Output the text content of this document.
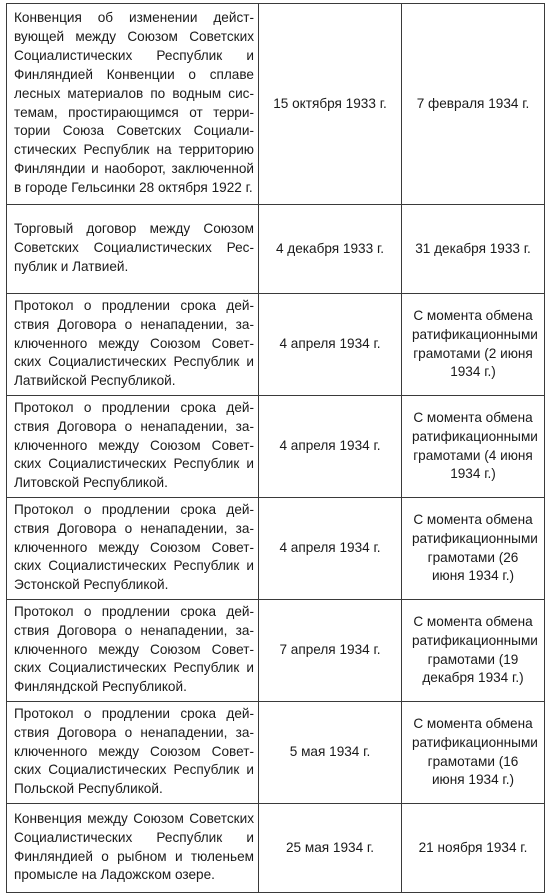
Конвенция об изменении действующей между Союзом Советских Социалистических Республик и Финляндией Конвенции о сплаве лесных материалов по водным системам, простирающимся от территории Союза Советских Социалистических Республик на территорию Финляндии и наоборот, заключенной в городе Гельсинки 28 октября 1922 г.	15 октября 1933 г.	7 февраля 1934 г.
Торговый договор между Союзом Советских Социалистических Республик и Латвией.	4 декабря 1933 г.	31 декабря 1933 г.
Протокол о продлении срока действия Договора о ненападении, заключенного между Союзом Советских Социалистических Республик и Латвийской Республикой.	4 апреля 1934 г.	С момента обмена ратификационными грамотами (2 июня 1934 г.)
Протокол о продлении срока действия Договора о ненападении, заключенного между Союзом Советских Социалистических Республик и Литовской Республикой.	4 апреля 1934 г.	С момента обмена ратификационными грамотами (4 июня 1934 г.)
Протокол о продлении срока действия Договора о ненападении, заключенного между Союзом Советских Социалистических Республик и Эстонской Республикой.	4 апреля 1934 г.	С момента обмена ратификационными грамотами (26 июня 1934 г.)
Протокол о продлении срока действия Договора о ненападении, заключенного между Союзом Советских Социалистических Республик и Финляндской Республикой.	7 апреля 1934 г.	С момента обмена ратификационными грамотами (19 декабря 1934 г.)
Протокол о продлении срока действия Договора о ненападении, заключенного между Союзом Советских Социалистических Республик и Польской Республикой.	5 мая 1934 г.	С момента обмена ратификационными грамотами (16 июня 1934 г.)
Конвенция между Союзом Советских Социалистических Республик и Финляндией о рыбном и тюленьем промысле на Ладожском озере.	25 мая 1934 г.	21 ноября 1934 г.
